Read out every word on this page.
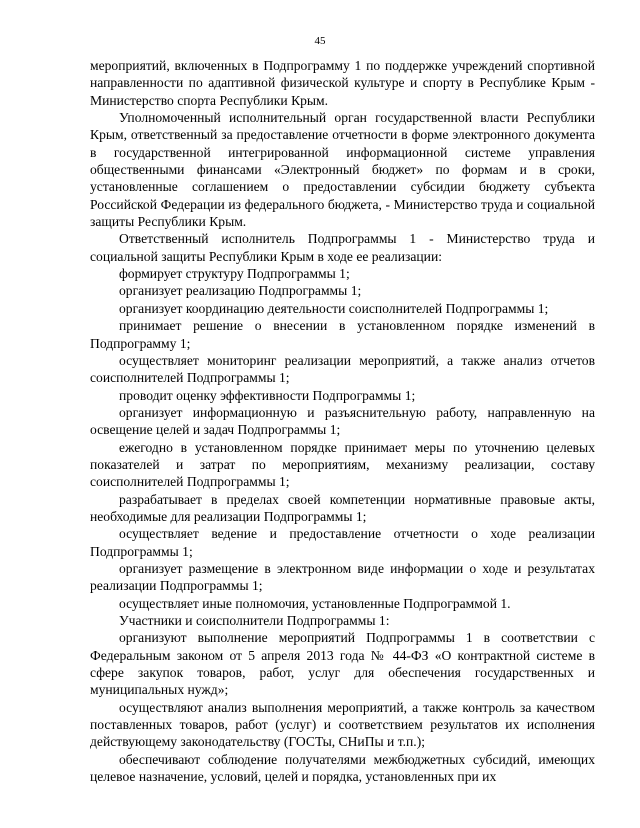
45

мероприятий, включенных в Подпрограмму 1 по поддержке учреждений спортивной направленности по адаптивной физической культуре и спорту в Республике Крым - Министерство спорта Республики Крым.

Уполномоченный исполнительный орган государственной власти Республики Крым, ответственный за предоставление отчетности в форме электронного документа в государственной интегрированной информационной системе управления общественными финансами «Электронный бюджет» по формам и в сроки, установленные соглашением о предоставлении субсидии бюджету субъекта Российской Федерации из федерального бюджета, - Министерство труда и социальной защиты Республики Крым.

Ответственный исполнитель Подпрограммы 1 - Министерство труда и социальной защиты Республики Крым в ходе ее реализации:

формирует структуру Подпрограммы 1;

организует реализацию Подпрограммы 1;

организует координацию деятельности соисполнителей Подпрограммы 1;

принимает решение о внесении в установленном порядке изменений в Подпрограмму 1;

осуществляет мониторинг реализации мероприятий, а также анализ отчетов соисполнителей Подпрограммы 1;

проводит оценку эффективности Подпрограммы 1;

организует информационную и разъяснительную работу, направленную на освещение целей и задач Подпрограммы 1;

ежегодно в установленном порядке принимает меры по уточнению целевых показателей и затрат по мероприятиям, механизму реализации, составу соисполнителей Подпрограммы 1;

разрабатывает в пределах своей компетенции нормативные правовые акты, необходимые для реализации Подпрограммы 1;

осуществляет ведение и предоставление отчетности о ходе реализации Подпрограммы 1;

организует размещение в электронном виде информации о ходе и результатах реализации Подпрограммы 1;

осуществляет иные полномочия, установленные Подпрограммой 1.

Участники и соисполнители Подпрограммы 1:

организуют выполнение мероприятий Подпрограммы 1 в соответствии с Федеральным законом от 5 апреля 2013 года № 44-ФЗ «О контрактной системе в сфере закупок товаров, работ, услуг для обеспечения государственных и муниципальных нужд»;

осуществляют анализ выполнения мероприятий, а также контроль за качеством поставленных товаров, работ (услуг) и соответствием результатов их исполнения действующему законодательству (ГОСТы, СНиПы и т.п.);

обеспечивают соблюдение получателями межбюджетных субсидий, имеющих целевое назначение, условий, целей и порядка, установленных при их
